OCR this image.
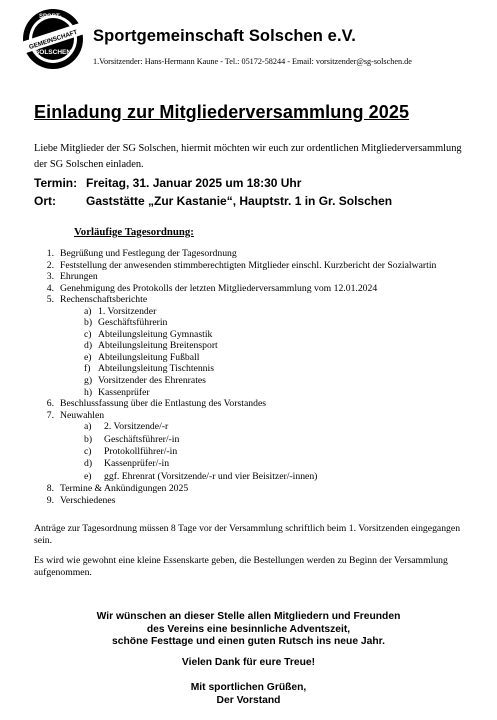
SPORT-
GEMEINSCHAFT
SOLSCHEN
Sportgemeinschaft Solschen e.V.
1.Vorsitzender: Hans-Hermann Kaune - Tel.: 05172-58244 - Email: vorsitzender@sg-solschen.de
Einladung zur Mitgliederversammlung 2025
Liebe Mitglieder der SG Solschen, hiermit möchten wir euch zur ordentlichen Mitgliederversammlung der SG Solschen einladen.
Termin: Freitag, 31. Januar 2025 um 18:30 Uhr
Ort:	Gaststätte „Zur Kastanie“, Hauptstr. 1 in Gr. Solschen
Vorläufige Tagesordnung:
1. Begrüßung und Festlegung der Tagesordnung
2. Feststellung der anwesenden stimmberechtigten Mitglieder einschl. Kurzbericht der Sozialwartin
3. Ehrungen
4. Genehmigung des Protokolls der letzten Mitgliederversammlung vom 12.01.2024
5. Rechenschaftsberichte
a) 1. Vorsitzender
b) Geschäftsführerin
c) Abteilungsleitung Gymnastik
d) Abteilungsleitung Breitensport
e) Abteilungsleitung Fußball
f) Abteilungsleitung Tischtennis
g) Vorsitzender des Ehrenrates
h) Kassenprüfer
6. Beschlussfassung über die Entlastung des Vorstandes
7. Neuwahlen
a)	2. Vorsitzende/-r
b)	Geschäftsführer/-in
c)	Protokollführer/-in
d)	Kassenprüfer/-in
e)	ggf. Ehrenrat (Vorsitzende/-r und vier Beisitzer/-innen)
8. Termine & Ankündigungen 2025
9. Verschiedenes
Anträge zur Tagesordnung müssen 8 Tage vor der Versammlung schriftlich beim 1. Vorsitzenden eingegangen sein.
Es wird wie gewohnt eine kleine Essenskarte geben, die Bestellungen werden zu Beginn der Versammlung aufgenommen.
Wir wünschen an dieser Stelle allen Mitgliedern und Freunden
des Vereins eine besinnliche Adventszeit,
schöne Festtage und einen guten Rutsch ins neue Jahr.
Vielen Dank für eure Treue!
Mit sportlichen Grüßen,
Der Vorstand
